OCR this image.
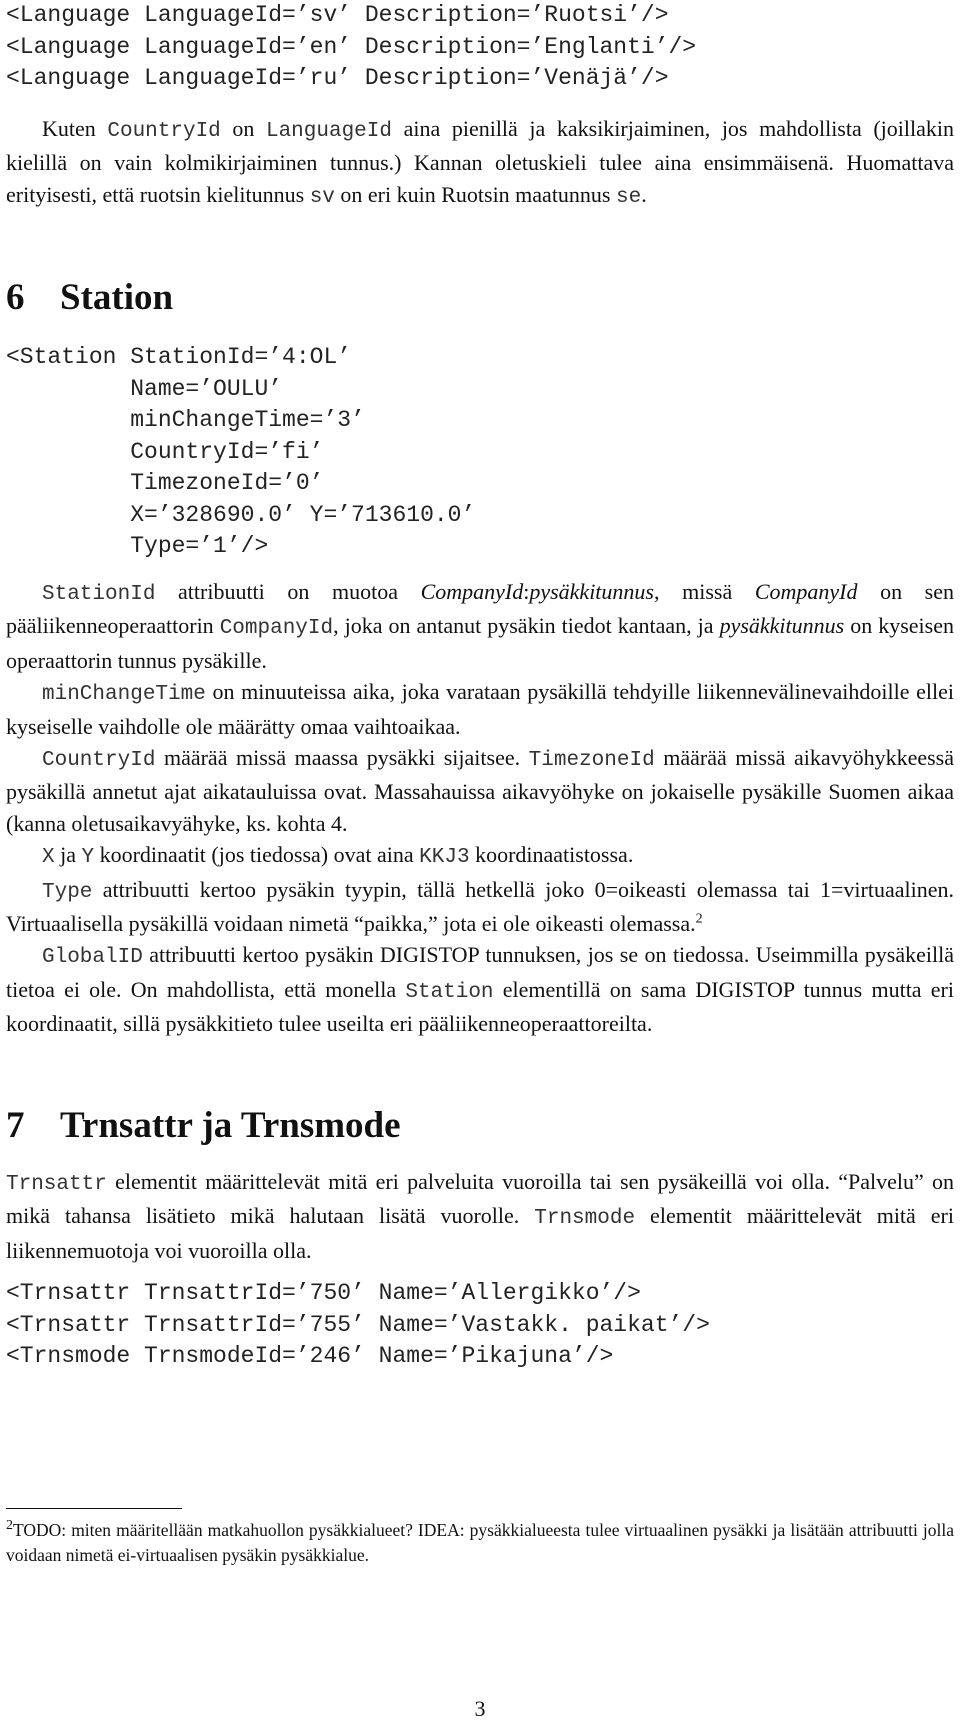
<Language LanguageId=’sv’ Description=’Ruotsi’/>
<Language LanguageId=’en’ Description=’Englanti’/>
<Language LanguageId=’ru’ Description=’Venäjä’/>
Kuten CountryId on LanguageId aina pienillä ja kaksikirjaiminen, jos mahdollista (joillakin kielillä on vain kolmikirjaiminen tunnus.) Kannan oletuskieli tulee aina ensimmäisenä. Huomattava erityisesti, että ruotsin kielitunnus sv on eri kuin Ruotsin maatunnus se.
6 Station
<Station StationId=’4:OL’
Name=’OULU’
minChangeTime=’3’
CountryId=’fi’
TimezoneId=’0’
X=’328690.0’ Y=’713610.0’
Type=’1’/>
StationId attribuutti on muotoa CompanyId:pysäkkitunnus, missä CompanyId on sen pääliikenneoperaattorin CompanyId, joka on antanut pysäkin tiedot kantaan, ja pysäkkitunnus on kyseisen operaattorin tunnus pysäkille.
minChangeTime on minuuteissa aika, joka varataan pysäkillä tehdyille liikennevälinevaihdoille ellei kyseiselle vaihdolle ole määrätty omaa vaihtoaikaa.
CountryId määrää missä maassa pysäkki sijaitsee. TimezoneId määrää missä aikavyöhykkeessä pysäkillä annetut ajat aikatauluissa ovat. Massahauissa aikavyöhyke on jokaiselle pysäkille Suomen aikaa (kanna oletusaikavyähyke, ks. kohta 4.
X ja Y koordinaatit (jos tiedossa) ovat aina KKJ3 koordinaatistossa.
Type attribuutti kertoo pysäkin tyypin, tällä hetkellä joko 0=oikeasti olemassa tai 1=virtuaalinen. Virtuaalisella pysäkillä voidaan nimetä “paikka,” jota ei ole oikeasti olemassa.$^2$
GlobalID attribuutti kertoo pysäkin DIGISTOP tunnuksen, jos se on tiedossa. Useimmilla pysäkeillä tietoa ei ole. On mahdollista, että monella Station elementillä on sama DIGISTOP tunnus mutta eri koordinaatit, sillä pysäkkitieto tulee useilta eri pääliikenneoperaattoreilta.
7 Trnsattr ja Trnsmode
Trnsattr elementit määrittelevät mitä eri palveluita vuoroilla tai sen pysäkeillä voi olla. “Palvelu” on mikä tahansa lisätieto mikä halutaan lisätä vuorolle. Trnsmode elementit määrittelevät mitä eri liikennemuotoja voi vuoroilla olla.
<Trnsattr TrnsattrId=’750’ Name=’Allergikko’/>
<Trnsattr TrnsattrId=’755’ Name=’Vastakk. paikat’/>
<Trnsmode TrnsmodeId=’246’ Name=’Pikajuna’/>
$^2$TODO: miten määritellään matkahuollon pysäkkialueet? IDEA: pysäkkialueesta tulee virtuaalinen pysäkki ja lisätään attribuutti jolla voidaan nimetä ei-virtuaalisen pysäkin pysäkkialue.
3
